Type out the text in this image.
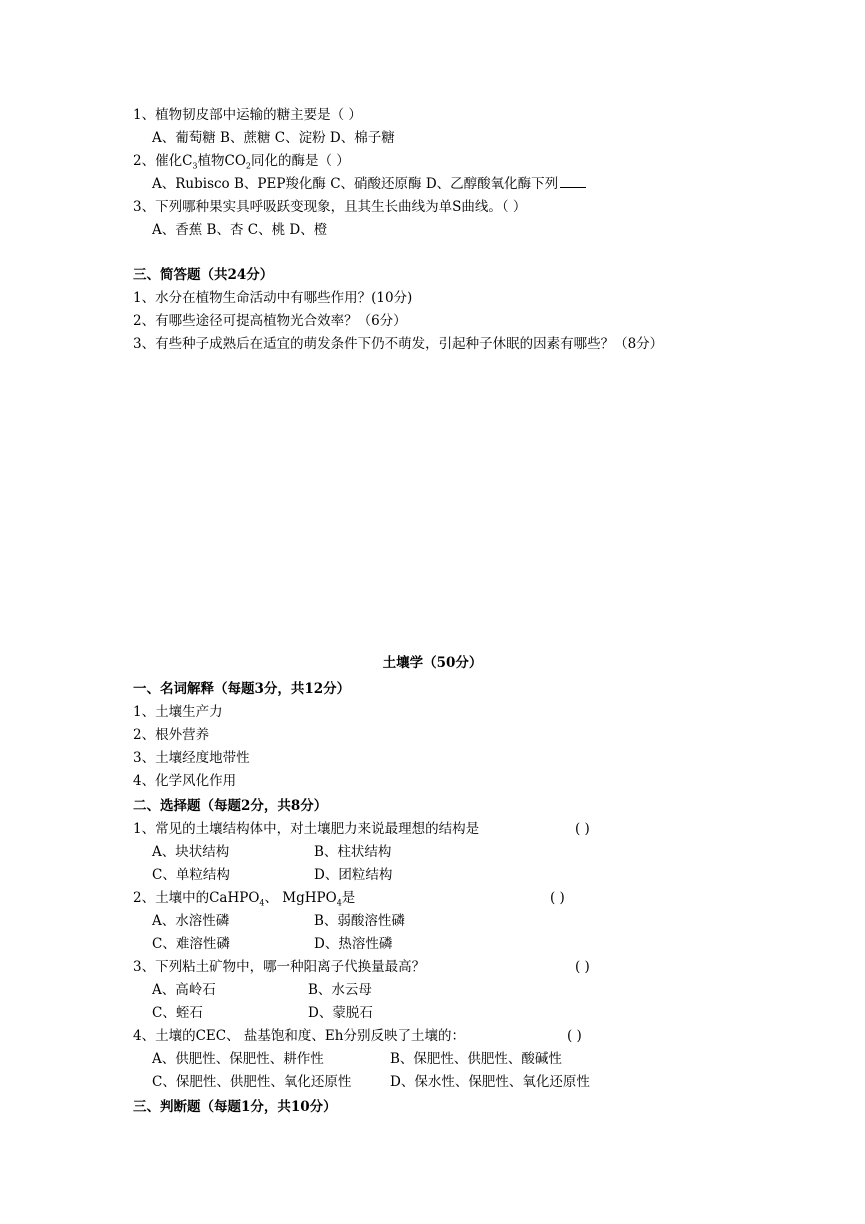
1、植物韧皮部中运输的糖主要是（ ）
A、葡萄糖 B、蔗糖 C、淀粉 D、棉子糖
2、催化$C_3$植物$CO_2$同化的酶是（ ）
A、Rubisco B、PEP羧化酶 C、硝酸还原酶 D、乙醇酸氧化酶下列
3、下列哪种果实具呼吸跃变现象，且其生长曲线为单S曲线。（ ）
A、香蕉 B、杏 C、桃 D、橙
三、简答题（共24分）
1、水分在植物生命活动中有哪些作用？(10分)
2、有哪些途径可提高植物光合效率？（6分）
3、有些种子成熟后在适宜的萌发条件下仍不萌发，引起种子休眠的因素有哪些？（8分）
土壤学（50分）
一、名词解释（每题3分，共12分）
1、土壤生产力
2、根外营养
3、土壤经度地带性
4、化学风化作用
二、选择题（每题2分，共8分）
1、常见的土壤结构体中，对土壤肥力来说最理想的结构是	( )
A、块状结构	B、柱状结构
C、单粒结构	D、团粒结构
2、土壤中的CaHPO$_4$、 MgHPO$_4$是	( )
A、水溶性磷	B、弱酸溶性磷
C、难溶性磷	D、热溶性磷
3、下列粘土矿物中，哪一种阳离子代换量最高？	( )
A、高岭石	B、水云母
C、蛭石	D、蒙脱石
4、土壤的CEC、 盐基饱和度、Eh分别反映了土壤的：	( )
A、供肥性、保肥性、耕作性	B、保肥性、供肥性、酸碱性
C、保肥性、供肥性、氧化还原性	D、保水性、保肥性、氧化还原性
三、判断题（每题1分，共10分）
